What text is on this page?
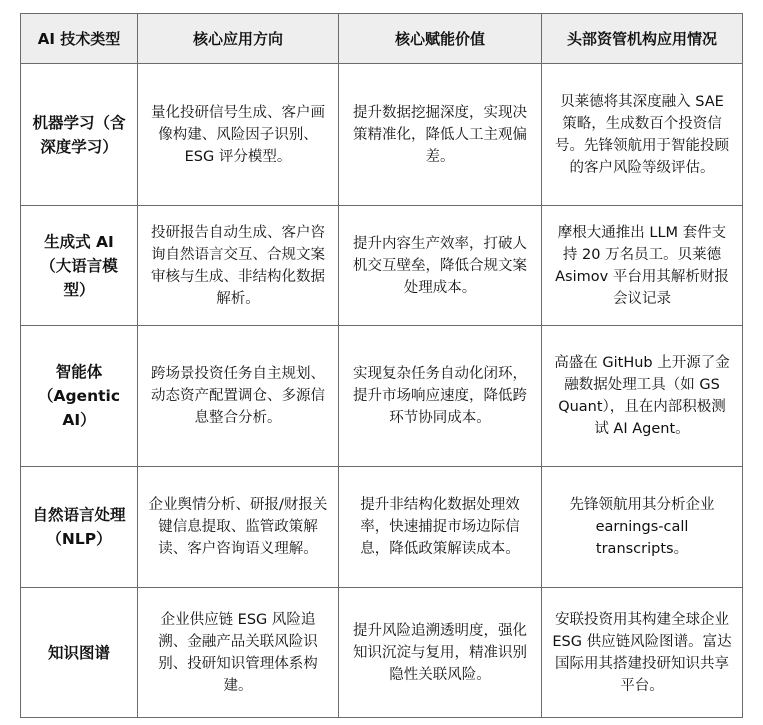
AI 技术类型	核心应用方向	核心赋能价值	头部资管机构应用情况
机器学习（含深度学习）	量化投研信号生成、客户画像构建、风险因子识别、ESG 评分模型。	提升数据挖掘深度，实现决策精准化，降低人工主观偏差。	贝莱德将其深度融入 SAE 策略，生成数百个投资信号。先锋领航用于智能投顾的客户风险等级评估。
生成式 AI（大语言模型）	投研报告自动生成、客户咨询自然语言交互、合规文案审核与生成、非结构化数据解析。	提升内容生产效率，打破人机交互壁垒，降低合规文案处理成本。	摩根大通推出 LLM 套件支持 20 万名员工。贝莱德 Asimov 平台用其解析财报会议记录
智能体（Agentic AI）	跨场景投资任务自主规划、动态资产配置调仓、多源信息整合分析。	实现复杂任务自动化闭环，提升市场响应速度，降低跨环节协同成本。	高盛在 GitHub 上开源了金融数据处理工具（如 GS Quant），且在内部积极测试 AI Agent。
自然语言处理（NLP）	企业舆情分析、研报/财报关键信息提取、监管政策解读、客户咨询语义理解。	提升非结构化数据处理效率，快速捕捉市场边际信息，降低政策解读成本。	先锋领航用其分析企业 earnings-call transcripts。
知识图谱	企业供应链 ESG 风险追溯、金融产品关联风险识别、投研知识管理体系构建。	提升风险追溯透明度，强化知识沉淀与复用，精准识别隐性关联风险。	安联投资用其构建全球企业 ESG 供应链风险图谱。富达国际用其搭建投研知识共享平台。
